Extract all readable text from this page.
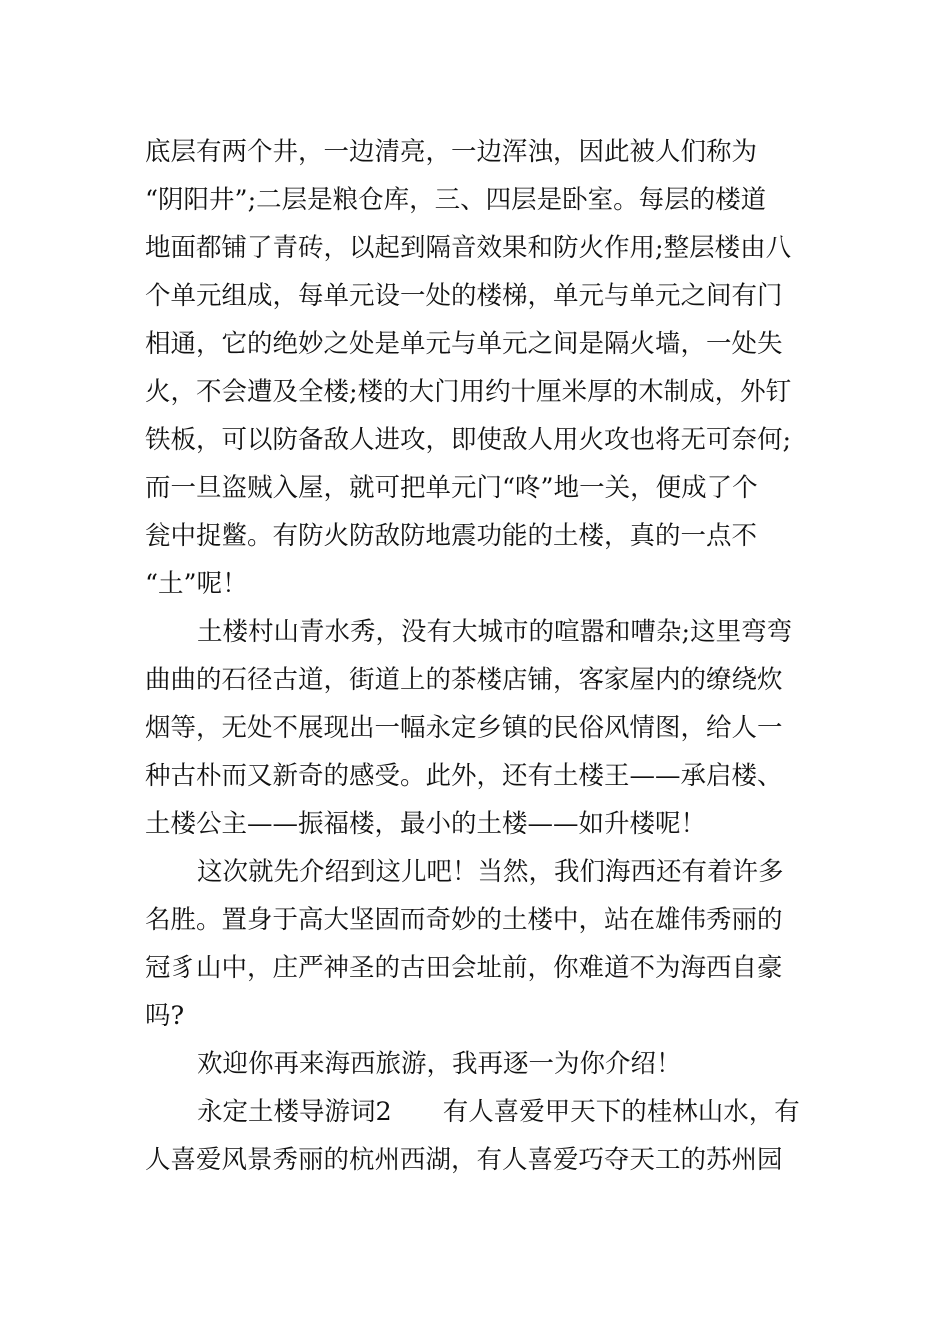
底层有两个井，一边清亮，一边浑浊，因此被人们称为
“阴阳井”;二层是粮仓库，三、四层是卧室。每层的楼道
地面都铺了青砖，以起到隔音效果和防火作用;整层楼由八
个单元组成，每单元设一处的楼梯，单元与单元之间有门
相通，它的绝妙之处是单元与单元之间是隔火墙，一处失
火，不会遭及全楼;楼的大门用约十厘米厚的木制成，外钉
铁板，可以防备敌人进攻，即使敌人用火攻也将无可奈何;
而一旦盗贼入屋，就可把单元门“咚”地一关，便成了个
瓮中捉鳖。有防火防敌防地震功能的土楼，真的一点不
“土”呢！
土楼村山青水秀，没有大城市的喧嚣和嘈杂;这里弯弯
曲曲的石径古道，街道上的茶楼店铺，客家屋内的缭绕炊
烟等，无处不展现出一幅永定乡镇的民俗风情图，给人一
种古朴而又新奇的感受。此外，还有土楼王——承启楼、
土楼公主——振福楼，最小的土楼——如升楼呢！
这次就先介绍到这儿吧！当然，我们海西还有着许多
名胜。置身于高大坚固而奇妙的土楼中，站在雄伟秀丽的
冠豸山中，庄严神圣的古田会址前，你难道不为海西自豪
吗?
欢迎你再来海西旅游，我再逐一为你介绍！
永定土楼导游词2　　有人喜爱甲天下的桂林山水，有
人喜爱风景秀丽的杭州西湖，有人喜爱巧夺天工的苏州园
